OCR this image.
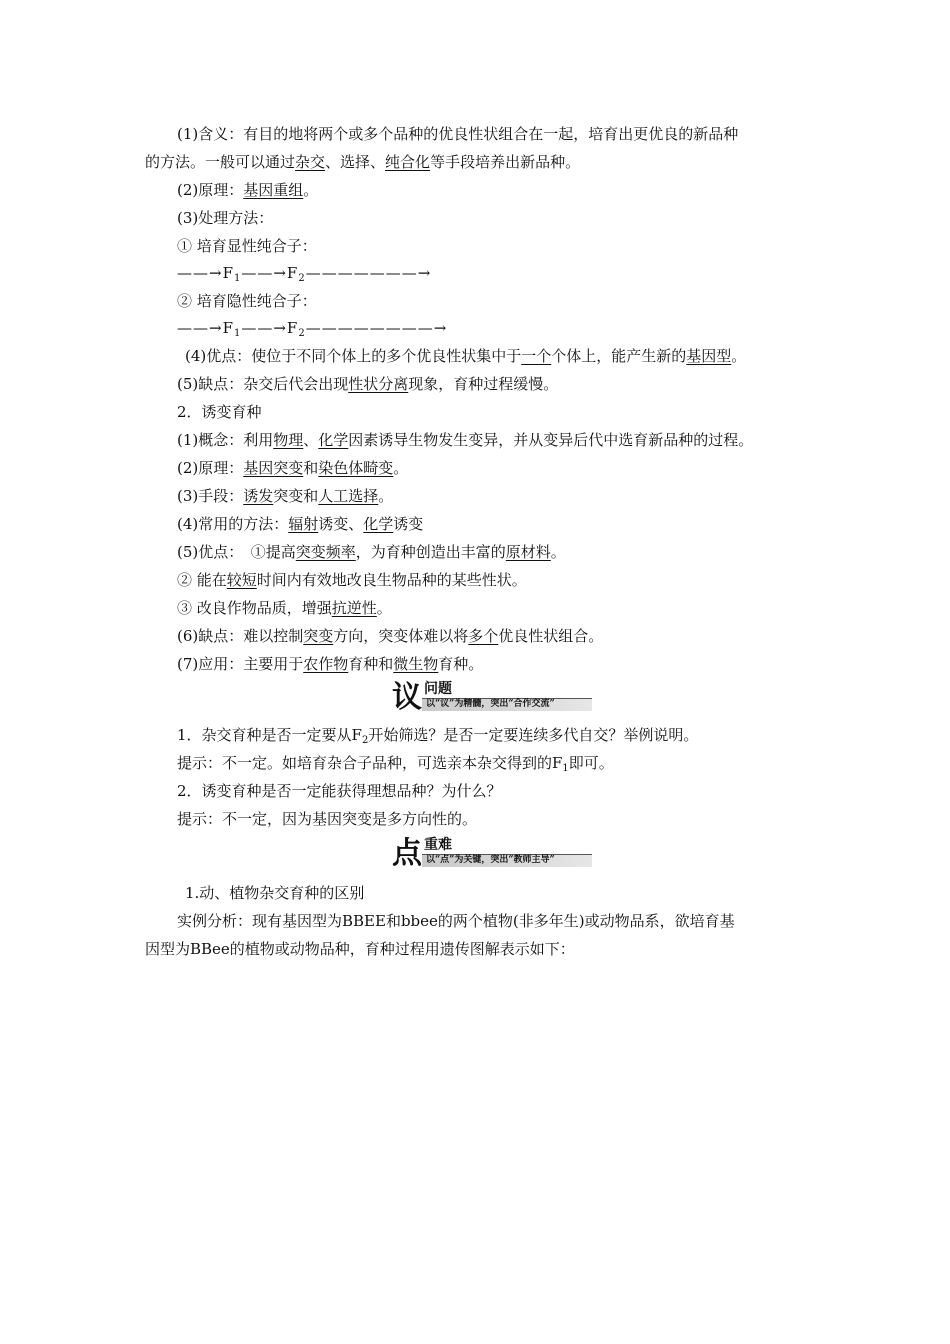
(1)含义：有目的地将两个或多个品种的优良性状组合在一起，培育出更优良的新品种
的方法。一般可以通过杂交、选择、纯合化等手段培养出新品种。
(2)原理：基因重组。
(3)处理方法：
① 培育显性纯合子：
$——\to F_1——\to F_2———————\to$
② 培育隐性纯合子：
$——\to F_1——\to F_2————————\to$
(4)优点：使位于不同个体上的多个优良性状集中于一个个体上，能产生新的基因型。
(5)缺点：杂交后代会出现性状分离现象，育种过程缓慢。
2．诱变育种
(1)概念：利用物理、化学因素诱导生物发生变异，并从变异后代中选育新品种的过程。
(2)原理：基因突变和染色体畸变。
(3)手段：诱发突变和人工选择。
(4)常用的方法：辐射诱变、化学诱变
(5)优点：　①提高突变频率，为育种创造出丰富的原材料。
② 能在较短时间内有效地改良生物品种的某些性状。
③ 改良作物品质，增强抗逆性。
(6)缺点：难以控制突变方向，突变体难以将多个优良性状组合。
(7)应用：主要用于农作物育种和微生物育种。
议 问题
以“议”为精髓，突出“合作交流”
1．杂交育种是否一定要从$F_2$开始筛选？是否一定要连续多代自交？举例说明。
提示：不一定。如培育杂合子品种，可选亲本杂交得到的$F_1$即可。
2．诱变育种是否一定能获得理想品种？为什么？
提示：不一定，因为基因突变是多方向性的。
点 重难
以“点”为关键，突出“教师主导”
1.动、植物杂交育种的区别
实例分析：现有基因型为BBEE和bbee的两个植物(非多年生)或动物品系，欲培育基
因型为BBee的植物或动物品种，育种过程用遗传图解表示如下：
